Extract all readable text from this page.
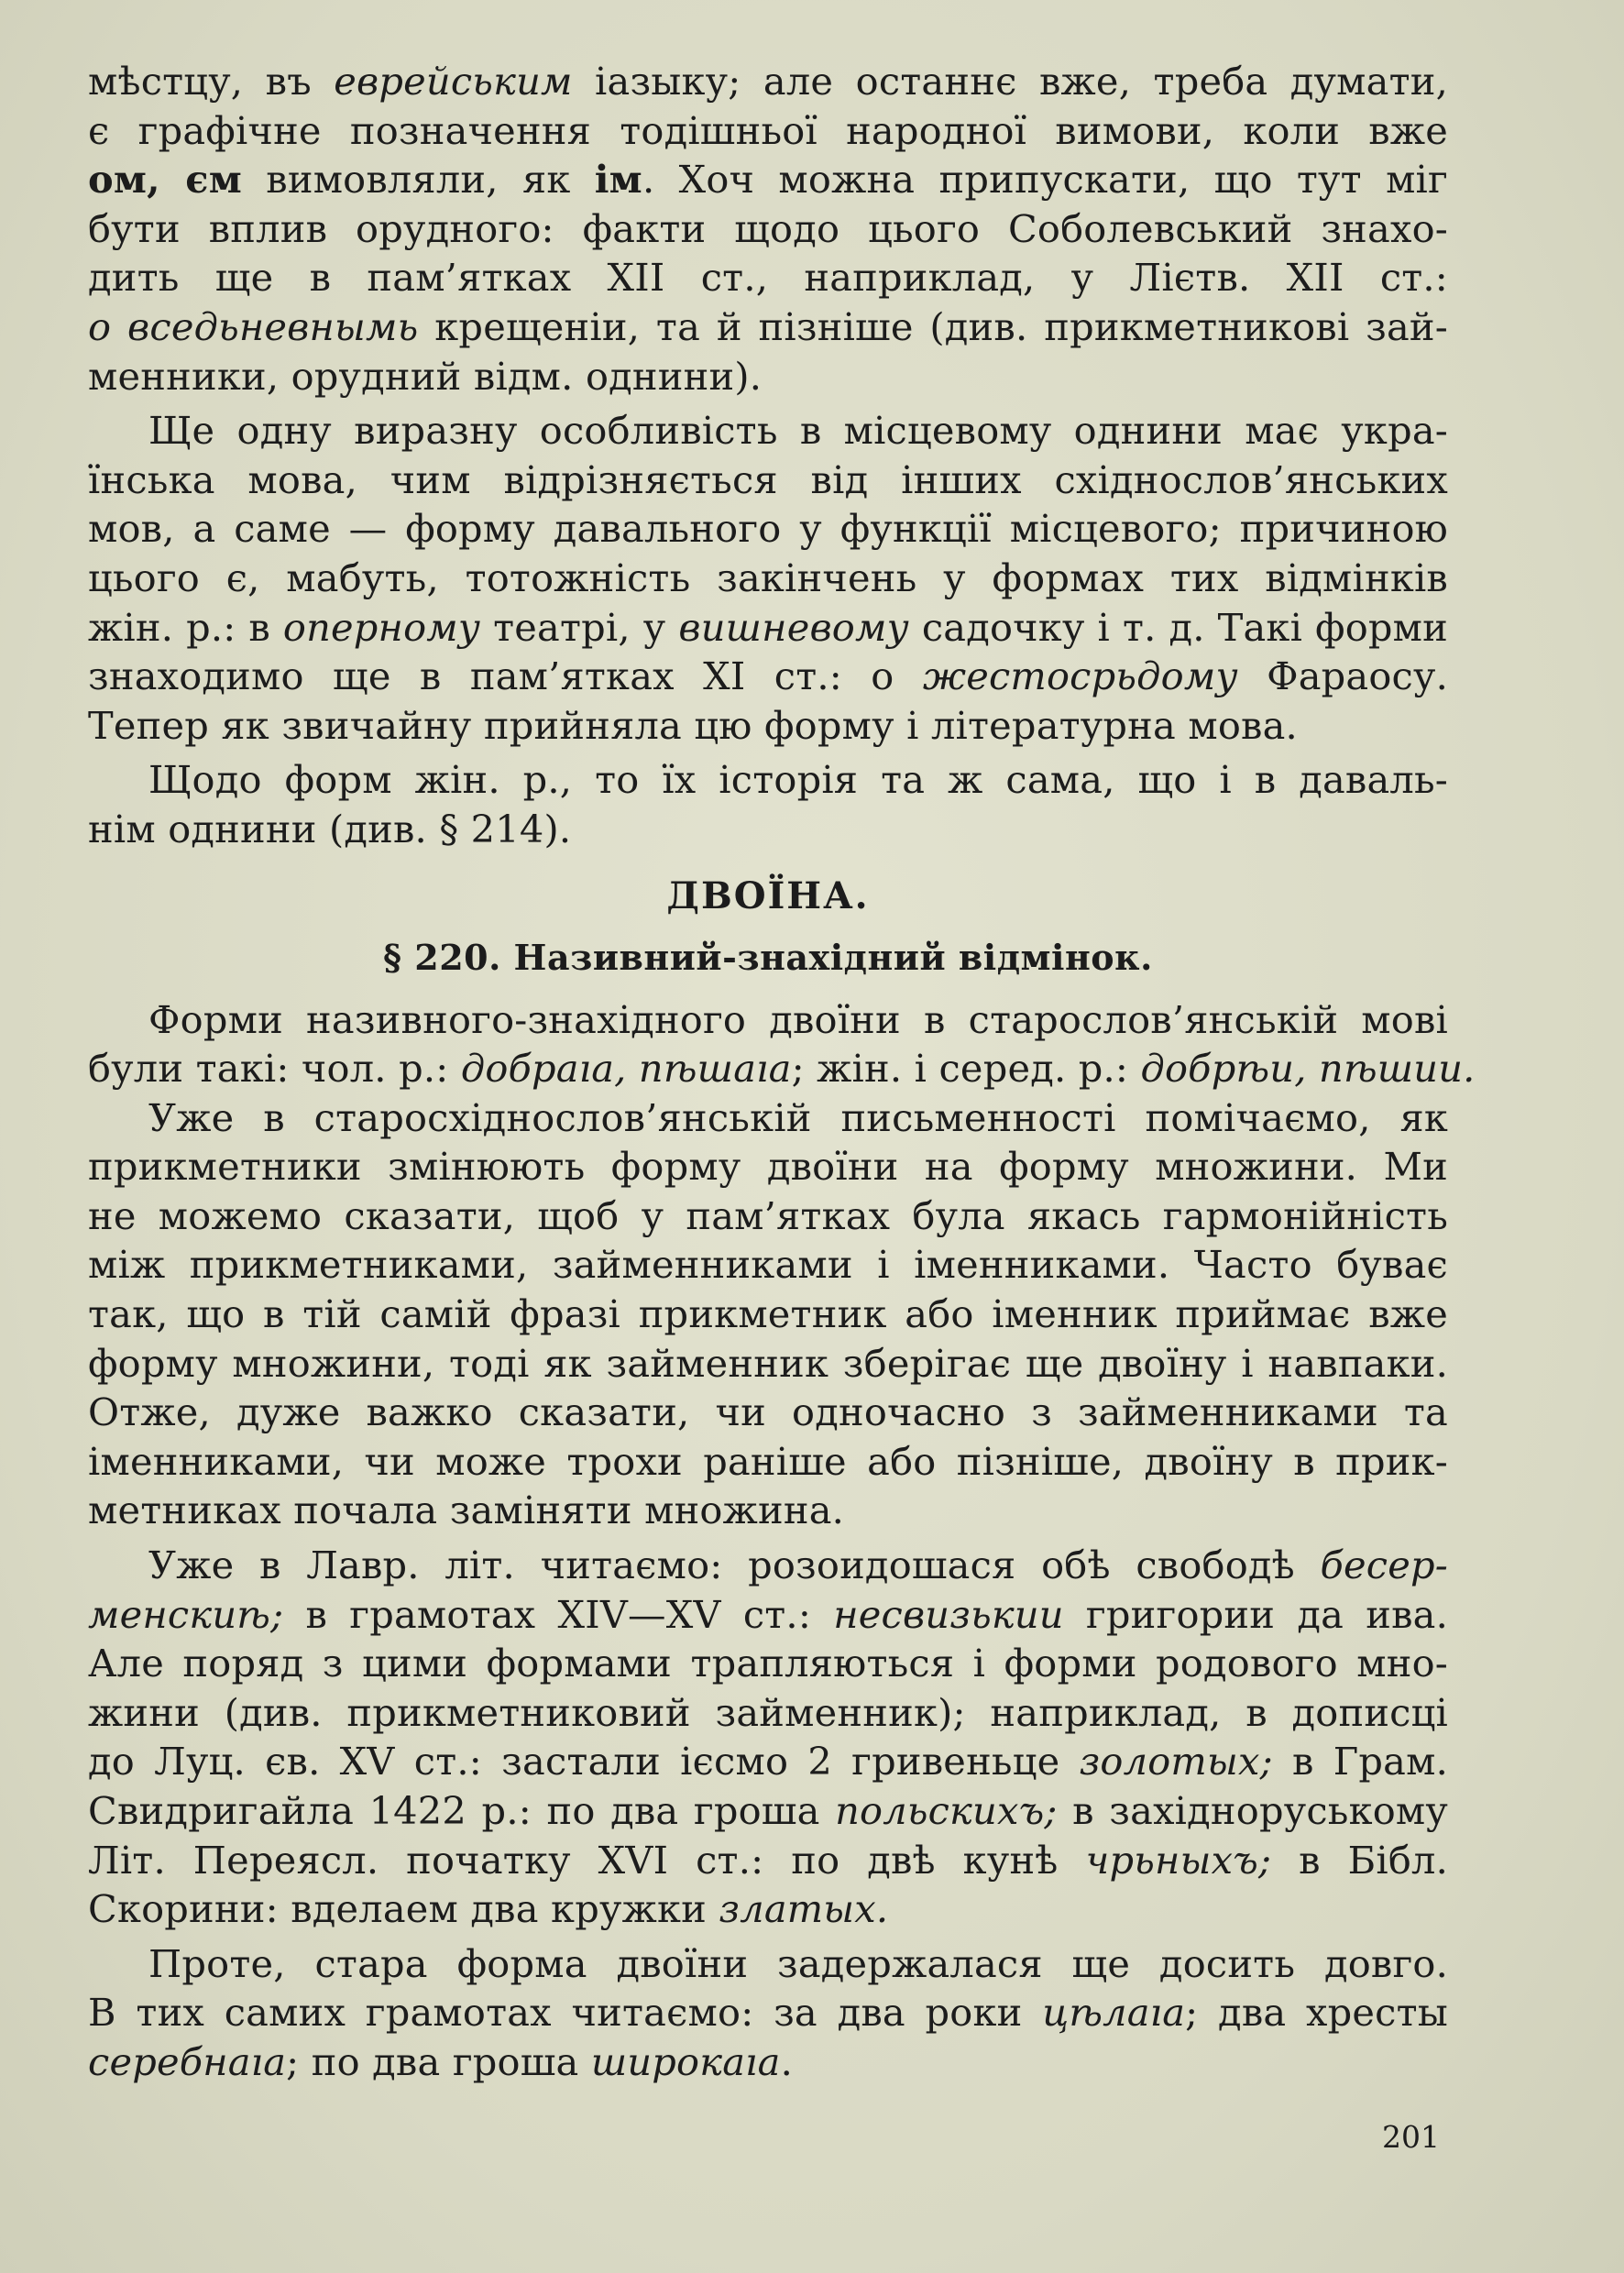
мѣстцу, въ еврейським іазыку; але останнє вже, треба думати,
є графічне позначення тодішньої народної вимови, коли вже
ом, єм вимовляли, як ім. Хоч можна припускати, що тут міг
бути вплив орудного: факти щодо цього Соболевський знахо-
дить ще в пам’ятках XII ст., наприклад, у Лієтв. XII ст.:
о вседьневнымь крещеніи, та й пізніше (див. прикметникові зай-
менники, орудний відм. однини).
Ще одну виразну особливість в місцевому однини має укра-
їнська мова, чим відрізняється від інших східнослов’янських
мов, а саме — форму давального у функції місцевого; причиною
цього є, мабуть, тотожність закінчень у формах тих відмінків
жін. р.: в оперному театрі, у вишневому садочку і т. д. Такі форми
знаходимо ще в пам’ятках XI ст.: о жестосрьдому Фараосу.
Тепер як звичайну прийняла цю форму і літературна мова.
Щодо форм жін. р., то їх історія та ж сама, що і в даваль-
нім однини (див. § 214).
ДВОЇНА.
§ 220. Називний-знахідний відмінок.
Форми називного-знахідного двоїни в старослов’янській мові
були такі: чол. р.: добраıа, пѣшаıа; жін. і серед. р.: добрѣи, пѣшии.
Уже в старосхіднослов’янській письменності помічаємо, як
прикметники змінюють форму двоїни на форму множини. Ми
не можемо сказати, щоб у пам’ятках була якась гармонійність
між прикметниками, займенниками і іменниками. Часто буває
так, що в тій самій фразі прикметник або іменник приймає вже
форму множини, тоді як займенник зберігає ще двоїну і навпаки.
Отже, дуже важко сказати, чи одночасно з займенниками та
іменниками, чи може трохи раніше або пізніше, двоїну в прик-
метниках почала заміняти множина.
Уже в Лавр. літ. читаємо: розоидошася обѣ свободѣ бесер-
менскиѣ; в грамотах XIV—XV ст.: несвизькии григории да ива.
Але поряд з цими формами трапляються і форми родового мно-
жини (див. прикметниковий займенник); наприклад, в дописці
до Луц. єв. XV ст.: застали ієсмо 2 гривеньце золотых; в Грам.
Свидригайла 1422 р.: по два гроша польскихъ; в західноруському
Літ. Переясл. початку XVI ст.: по двѣ кунѣ чрьныхъ; в Бібл.
Скорини: вделаем два кружки златых.
Проте, стара форма двоїни задержалася ще досить довго.
В тих самих грамотах читаємо: за два роки цѣлаıа; два хресты
серебнаıа; по два гроша широкаıа.
201
